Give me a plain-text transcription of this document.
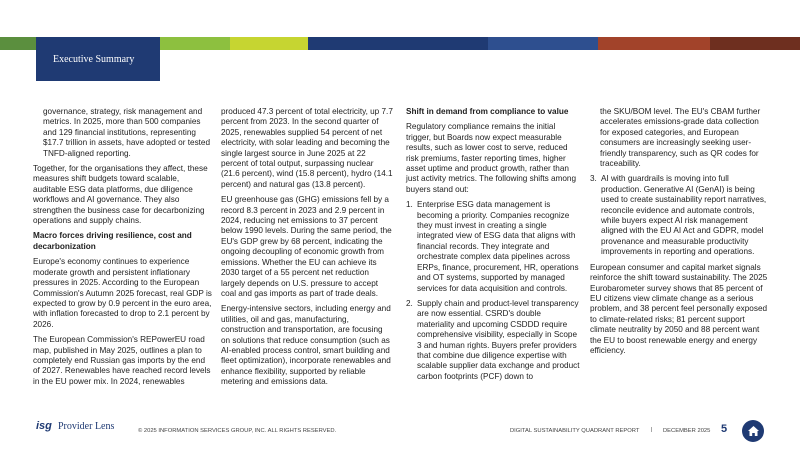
Executive Summary

governance, strategy, risk management and metrics. In 2025, more than 500 companies and 129 financial institutions, representing $17.7 trillion in assets, have adopted or tested TNFD-aligned reporting.

Together, for the organisations they affect, these measures shift budgets toward scalable, auditable ESG data platforms, due diligence workflows and AI governance. They also strengthen the business case for decarbonizing operations and supply chains.

Macro forces driving resilience, cost and decarbonization

Europe's economy continues to experience moderate growth and persistent inflationary pressures in 2025. According to the European Commission's Autumn 2025 forecast, real GDP is expected to grow by 0.9 percent in the euro area, with inflation forecasted to drop to 2.1 percent by 2026.

The European Commission's REPowerEU road map, published in May 2025, outlines a plan to completely end Russian gas imports by the end of 2027. Renewables have reached record levels in the EU power mix. In 2024, renewables

produced 47.3 percent of total electricity, up 7.7 percent from 2023. In the second quarter of 2025, renewables supplied 54 percent of net electricity, with solar leading and becoming the single largest source in June 2025 at 22 percent of total output, surpassing nuclear (21.6 percent), wind (15.8 percent), hydro (14.1 percent) and natural gas (13.8 percent).

EU greenhouse gas (GHG) emissions fell by a record 8.3 percent in 2023 and 2.9 percent in 2024, reducing net emissions to 37 percent below 1990 levels. During the same period, the EU's GDP grew by 68 percent, indicating the ongoing decoupling of economic growth from emissions. Whether the EU can achieve its 2030 target of a 55 percent net reduction largely depends on U.S. pressure to accept coal and gas imports as part of trade deals.

Energy-intensive sectors, including energy and utilities, oil and gas, manufacturing, construction and transportation, are focusing on solutions that reduce consumption (such as AI-enabled process control, smart building and fleet optimization), incorporate renewables and enhance flexibility, supported by reliable metering and emissions data.

Shift in demand from compliance to value

Regulatory compliance remains the initial trigger, but Boards now expect measurable results, such as lower cost to serve, reduced risk premiums, faster reporting times, higher asset uptime and product growth, rather than just activity metrics. The following shifts among buyers stand out:

1. Enterprise ESG data management is becoming a priority. Companies recognize they must invest in creating a single integrated view of ESG data that aligns with financial records. They integrate and orchestrate complex data pipelines across ERPs, finance, procurement, HR, operations and OT systems, supported by managed services for data acquisition and controls.
2. Supply chain and product-level transparency are now essential. CSRD's double materiality and upcoming CSDDD require comprehensive visibility, especially in Scope 3 and human rights. Buyers prefer providers that combine due diligence expertise with scalable supplier data exchange and product carbon footprints (PCF) down to

the SKU/BOM level. The EU's CBAM further accelerates emissions-grade data collection for exposed categories, and European consumers are increasingly seeking user-friendly transparency, such as QR codes for traceability.

3. AI with guardrails is moving into full production. Generative AI (GenAI) is being used to create sustainability report narratives, reconcile evidence and automate controls, while buyers expect AI risk management aligned with the EU AI Act and GDPR, model provenance and measurable productivity improvements in reporting and operations.

European consumer and capital market signals reinforce the shift toward sustainability. The 2025 Eurobarometer survey shows that 85 percent of EU citizens view climate change as a serious problem, and 38 percent feel personally exposed to climate-related risks; 81 percent support climate neutrality by 2050 and 88 percent want the EU to boost renewable energy and energy efficiency.

isg Provider Lens	© 2025 INFORMATION SERVICES GROUP, INC. ALL RIGHTS RESERVED.	DIGITAL SUSTAINABILITY QUADRANT REPORT | DECEMBER 2025 5
